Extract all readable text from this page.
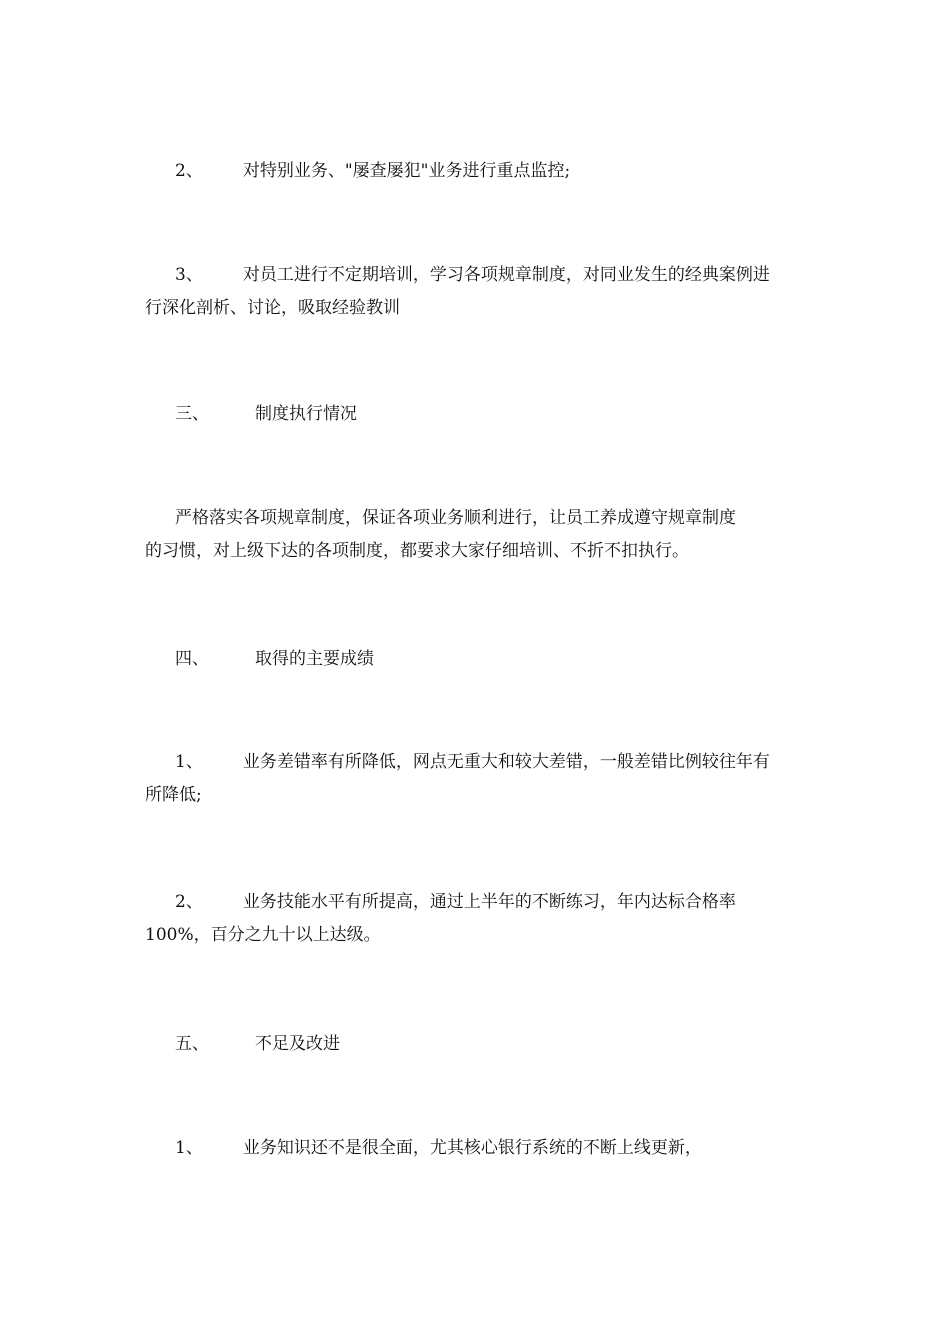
2、 对特别业务、"屡查屡犯"业务进行重点监控;

3、 对员工进行不定期培训，学习各项规章制度，对同业发生的经典案例进
行深化剖析、讨论，吸取经验教训

三、	制度执行情况

严格落实各项规章制度，保证各项业务顺利进行，让员工养成遵守规章制度
的习惯，对上级下达的各项制度，都要求大家仔细培训、不折不扣执行。

四、	取得的主要成绩

1、 业务差错率有所降低，网点无重大和较大差错，一般差错比例较往年有
所降低;

2、 业务技能水平有所提高，通过上半年的不断练习，年内达标合格率
100%，百分之九十以上达级。

五、	不足及改进

1、 业务知识还不是很全面，尤其核心银行系统的不断上线更新，
